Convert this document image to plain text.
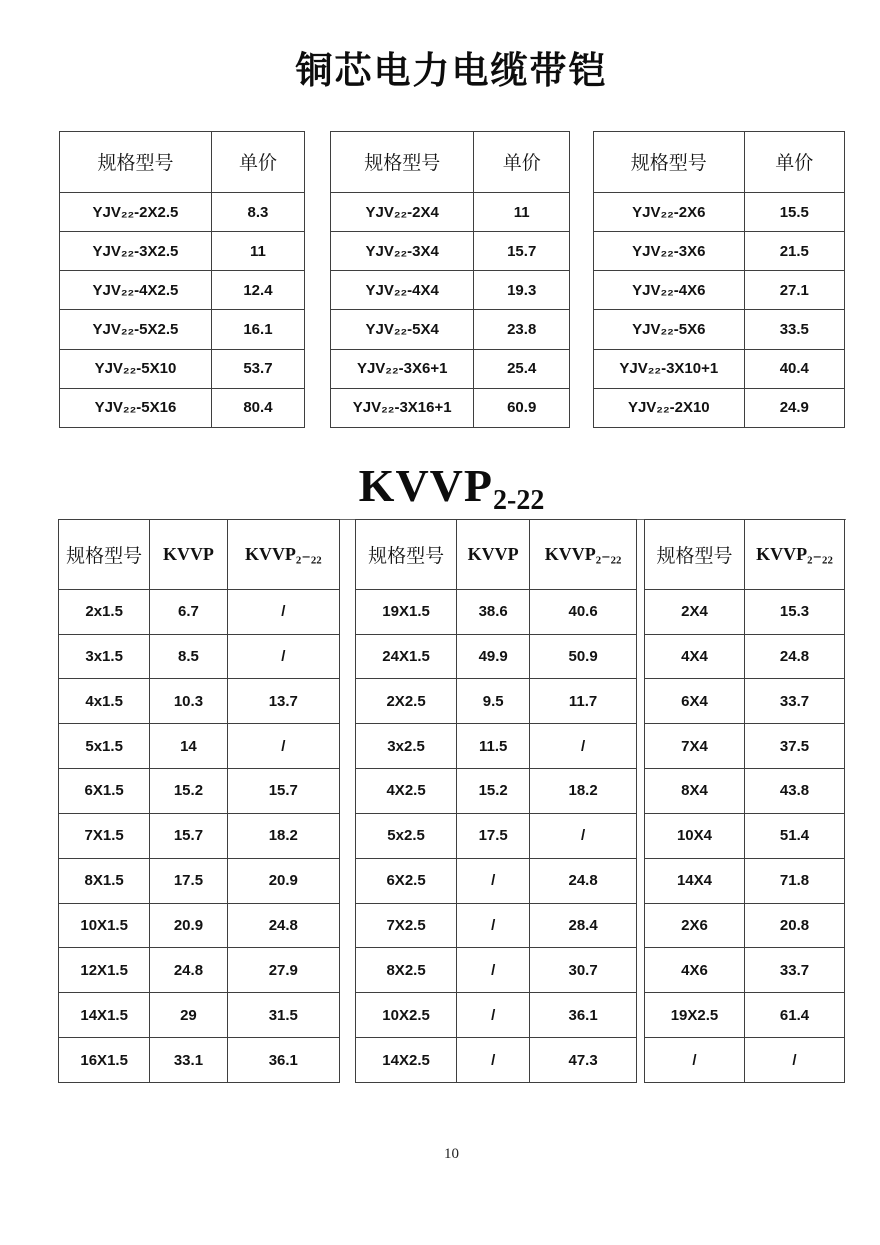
铜芯电力电缆带铠
规格型号	单价
YJV₂₂-2X2.5	8.3
YJV₂₂-3X2.5	11
YJV₂₂-4X2.5	12.4
YJV₂₂-5X2.5	16.1
YJV₂₂-5X10	53.7
YJV₂₂-5X16	80.4
规格型号	单价
YJV₂₂-2X4	11
YJV₂₂-3X4	15.7
YJV₂₂-4X4	19.3
YJV₂₂-5X4	23.8
YJV₂₂-3X6+1	25.4
YJV₂₂-3X16+1	60.9
规格型号	单价
YJV₂₂-2X6	15.5
YJV₂₂-3X6	21.5
YJV₂₂-4X6	27.1
YJV₂₂-5X6	33.5
YJV₂₂-3X10+1	40.4
YJV₂₂-2X10	24.9
KVVP2-22
规格型号	KVVP	KVVP₂₋₂₂
2x1.5	6.7	/
3x1.5	8.5	/
4x1.5	10.3	13.7
5x1.5	14	/
6X1.5	15.2	15.7
7X1.5	15.7	18.2
8X1.5	17.5	20.9
10X1.5	20.9	24.8
12X1.5	24.8	27.9
14X1.5	29	31.5
16X1.5	33.1	36.1
规格型号	KVVP	KVVP₂₋₂₂
19X1.5	38.6	40.6
24X1.5	49.9	50.9
2X2.5	9.5	11.7
3x2.5	11.5	/
4X2.5	15.2	18.2
5x2.5	17.5	/
6X2.5	/	24.8
7X2.5	/	28.4
8X2.5	/	30.7
10X2.5	/	36.1
14X2.5	/	47.3
规格型号	KVVP₂₋₂₂
2X4	15.3
4X4	24.8
6X4	33.7
7X4	37.5
8X4	43.8
10X4	51.4
14X4	71.8
2X6	20.8
4X6	33.7
19X2.5	61.4
/	/
10
